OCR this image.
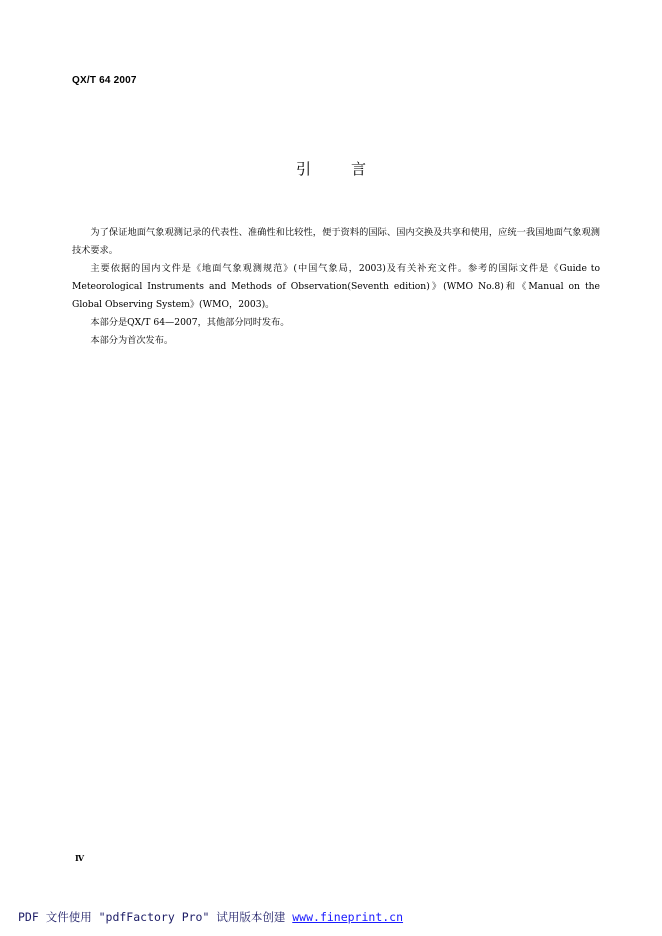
QX/T 64 2007
引言

为了保证地面气象观测记录的代表性、准确性和比较性，便于资料的国际、国内交换及共享和使用，应统一我国地面气象观测技术要求。

主要依据的国内文件是《地面气象观测规范》(中国气象局，2003)及有关补充文件。参考的国际文件是《Guide to Meteorological Instruments and Methods of Observation(Seventh edition)》(WMO No.8)和《Manual on the Global Observing System》(WMO，2003)。

本部分是QX/T 64—2007，其他部分同时发布。

本部分为首次发布。

Ⅳ
PDF 文件使用 "pdfFactory Pro" 试用版本创建 www.fineprint.cn
